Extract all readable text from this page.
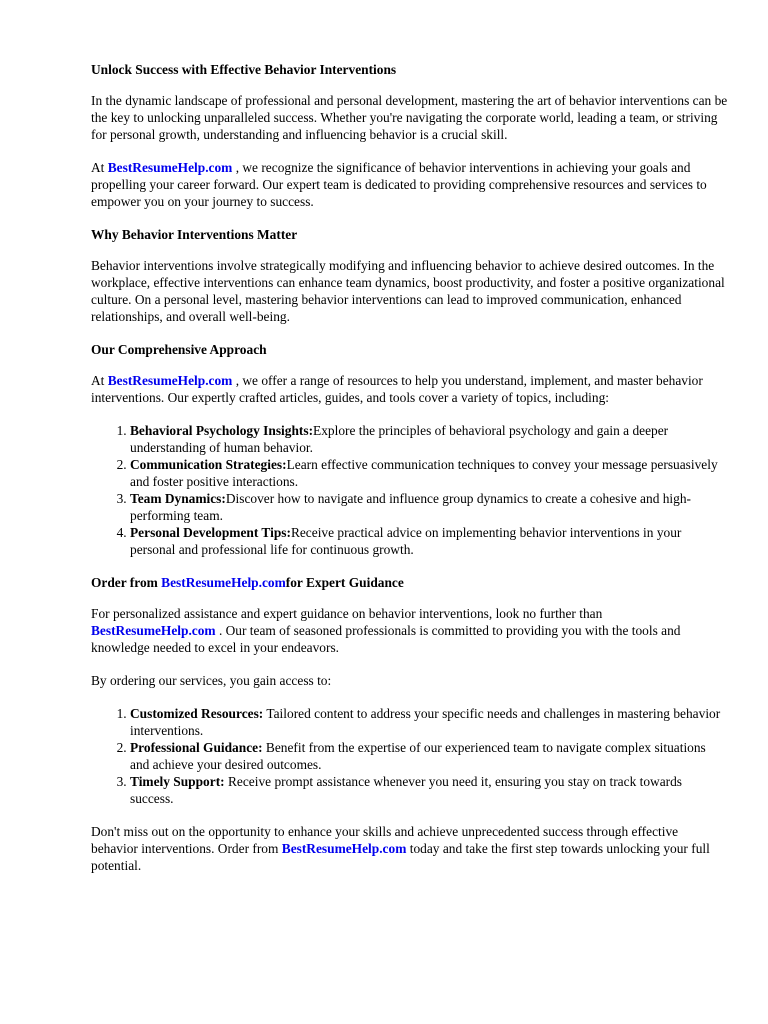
Unlock Success with Effective Behavior Interventions

In the dynamic landscape of professional and personal development, mastering the art of behavior interventions can be the key to unlocking unparalleled success. Whether you're navigating the corporate world, leading a team, or striving for personal growth, understanding and influencing behavior is a crucial skill.

At BestResumeHelp.com , we recognize the significance of behavior interventions in achieving your goals and propelling your career forward. Our expert team is dedicated to providing comprehensive resources and services to empower you on your journey to success.

Why Behavior Interventions Matter

Behavior interventions involve strategically modifying and influencing behavior to achieve desired outcomes. In the workplace, effective interventions can enhance team dynamics, boost productivity, and foster a positive organizational culture. On a personal level, mastering behavior interventions can lead to improved communication, enhanced relationships, and overall well-being.

Our Comprehensive Approach

At BestResumeHelp.com , we offer a range of resources to help you understand, implement, and master behavior interventions. Our expertly crafted articles, guides, and tools cover a variety of topics, including:

1. Behavioral Psychology Insights:Explore the principles of behavioral psychology and gain a deeper understanding of human behavior.
2. Communication Strategies:Learn effective communication techniques to convey your message persuasively and foster positive interactions.
3. Team Dynamics:Discover how to navigate and influence group dynamics to create a cohesive and high-performing team.
4. Personal Development Tips:Receive practical advice on implementing behavior interventions in your personal and professional life for continuous growth.
Order from BestResumeHelp.comfor Expert Guidance

For personalized assistance and expert guidance on behavior interventions, look no further than BestResumeHelp.com . Our team of seasoned professionals is committed to providing you with the tools and knowledge needed to excel in your endeavors.

By ordering our services, you gain access to:

1. Customized Resources: Tailored content to address your specific needs and challenges in mastering behavior interventions.
2. Professional Guidance: Benefit from the expertise of our experienced team to navigate complex situations and achieve your desired outcomes.
3. Timely Support: Receive prompt assistance whenever you need it, ensuring you stay on track towards success.

Don't miss out on the opportunity to enhance your skills and achieve unprecedented success through effective behavior interventions. Order from BestResumeHelp.com today and take the first step towards unlocking your full potential.
